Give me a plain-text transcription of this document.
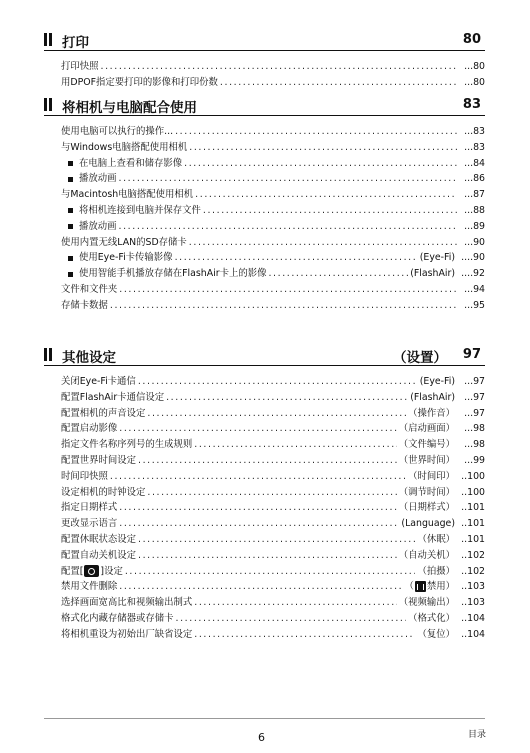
打印	80
打印快照 .....	...80
用DPOF指定要打印的影像和打印份数 .....	...80
将相机与电脑配合使用	83
使用电脑可以执行的操作... .....	...83
与Windows电脑搭配使用相机 .....	...83
在电脑上查看和储存影像 .....	...84
播放动画 .....	...86
与Macintosh电脑搭配使用相机 .....	...87
将相机连接到电脑并保存文件 .....	...88
播放动画 .....	...89
使用内置无线LAN的SD存储卡 .....	...90
使用Eye-Fi卡传输影像 .....	(Eye-Fi) ....90
使用智能手机播放存储在FlashAir卡上的影像 .....	(FlashAir) ....92
文件和文件夹 .....	...94
存储卡数据 .....	...95
其他设定	（设置） 97
关闭Eye-Fi卡通信 .....	(Eye-Fi) ...97
配置FlashAir卡通信设定 .....	(FlashAir) ...97
配置相机的声音设定 .....	（操作音） ...97
配置启动影像 .....	（启动画面） ...98
指定文件名称序列号的生成规则 .....	（文件编号） ...98
配置世界时间设定 .....	（世界时间） ...99
时间印快照 .....	（时间印） ..100
设定相机的时钟设定 .....	（调节时间） ..100
指定日期样式 .....	（日期样式） ..101
更改显示语言 .....	(Language) ..101
配置休眠状态设定 .....	（休眠） ..101
配置自动关机设定 .....	（自动关机） ..102
配置[ ]设定 .....	（拍摄） ..102
禁用文件删除 .....	（ 禁用） ..103
选择画面宽高比和视频输出制式 .....	（视频输出） ..103
格式化内藏存储器或存储卡 .....	（格式化） ..104
将相机重设为初始出厂缺省设定 .....	（复位） ..104
6	目录
